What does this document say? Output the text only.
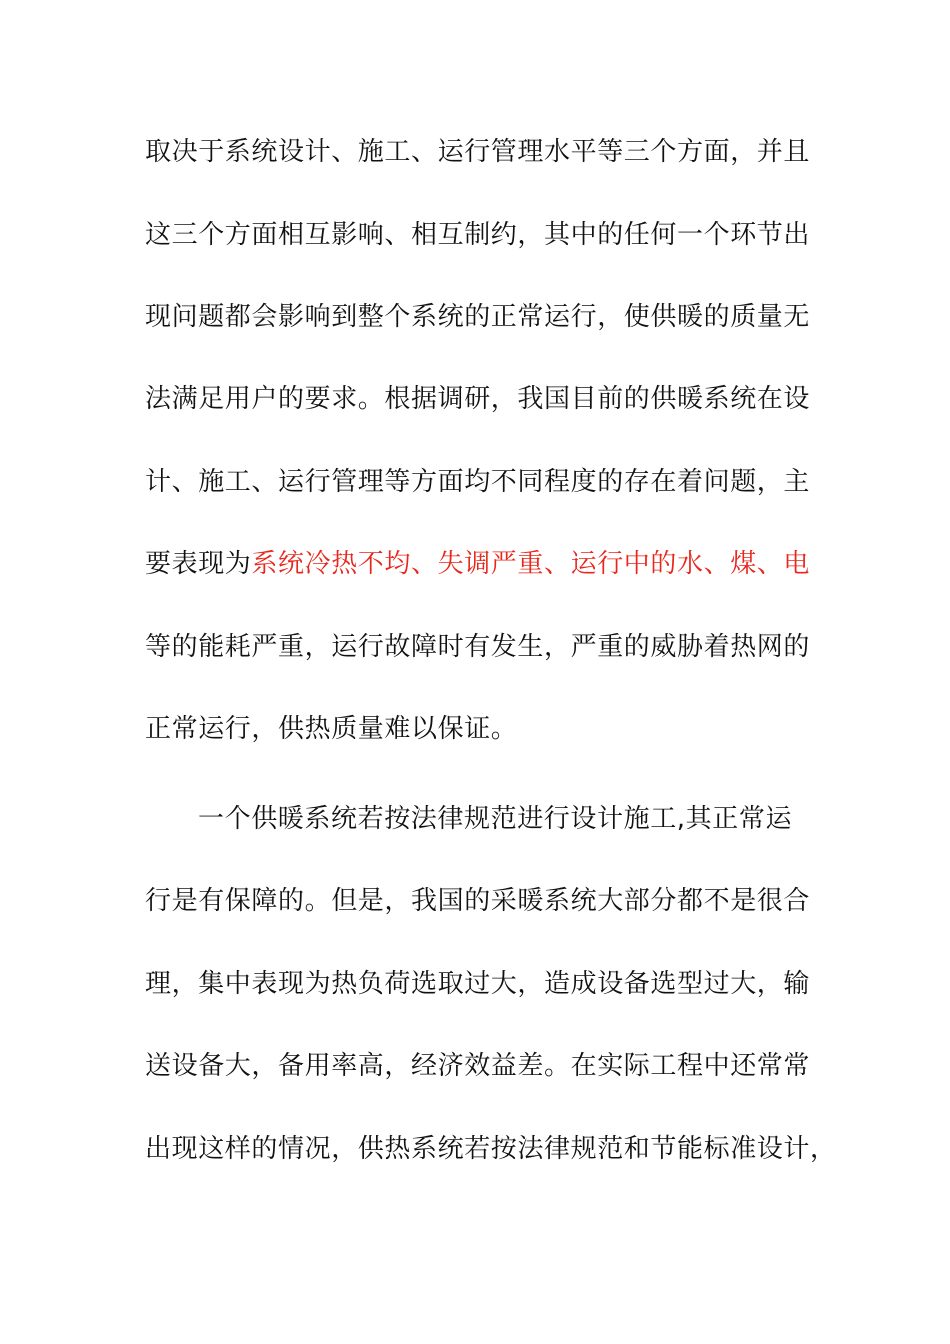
取决于系统设计、施工、运行管理水平等三个方面，并且
这三个方面相互影响、相互制约，其中的任何一个环节出
现问题都会影响到整个系统的正常运行，使供暖的质量无
法满足用户的要求。根据调研，我国目前的供暖系统在设
计、施工、运行管理等方面均不同程度的存在着问题，主
要表现为系统冷热不均、失调严重、运行中的水、煤、电
等的能耗严重，运行故障时有发生，严重的威胁着热网的
正常运行，供热质量难以保证。
一个供暖系统若按法律规范进行设计施工,其正常运
行是有保障的。但是，我国的采暖系统大部分都不是很合
理，集中表现为热负荷选取过大，造成设备选型过大，输
送设备大，备用率高，经济效益差。在实际工程中还常常
出现这样的情况，供热系统若按法律规范和节能标准设计，
